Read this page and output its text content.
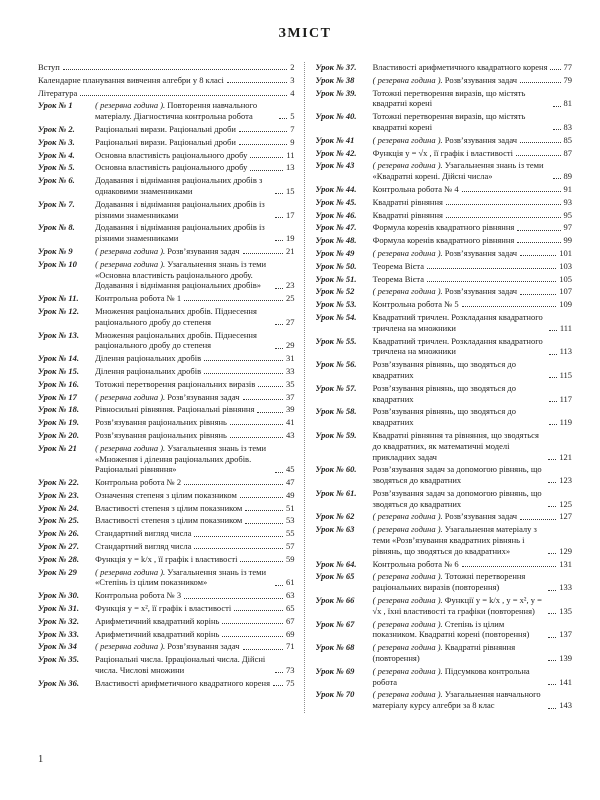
ЗМІСТ
Вступ	2
Календарне планування вивчення алгебри у 8 класі	3
Література	4
Урок № 1	( резервна година ). Повторення навчального матеріалу. Діагностична контрольна робота	5
Урок № 2. Раціональні вирази. Раціональні дроби	7
Урок № 3. Раціональні вирази. Раціональні дроби	9
Урок № 4. Основна властивість раціонального дробу	11
Урок № 5. Основна властивість раціонального дробу	13
Урок № 6. Додавання і віднімання раціональних дробів з однаковими знаменниками	15
Урок № 7. Додавання і віднімання раціональних дробів із різними знаменниками	17
Урок № 8. Додавання і віднімання раціональних дробів із різними знаменниками	19
Урок № 9	( резервна година ). Розв’язування задач	21
Урок № 10 ( резервна година ). Узагальнення знань із теми «Основна властивість раціонального дробу. Додавання і віднімання раціональних дробів»	23
Урок № 11. Контрольна робота № 1	25
Урок № 12. Множення раціональних дробів. Піднесення раціонального дробу до степеня	27
Урок № 13. Множення раціональних дробів. Піднесення раціонального дробу до степеня	29
Урок № 14. Ділення раціональних дробів	31
Урок № 15. Ділення раціональних дробів	33
Урок № 16. Тотожні перетворення раціональних виразів	35
Урок № 17 ( резервна година ). Розв’язування задач	37
Урок № 18. Рівносильні рівняння. Раціональні рівняння	39
Урок № 19. Розв’язування раціональних рівнянь	41
Урок № 20. Розв’язування раціональних рівнянь	43
Урок № 21 ( резервна година ). Узагальнення знань із теми «Множення і ділення раціональних дробів. Раціональні рівняння»	45
Урок № 22. Контрольна робота № 2	47
Урок № 23. Означення степеня з цілим показником	49
Урок № 24. Властивості степеня з цілим показником	51
Урок № 25. Властивості степеня з цілим показником	53
Урок № 26. Стандартний вигляд числа	55
Урок № 27. Стандартний вигляд числа	57
Урок № 28. Функція y = k/x , її графік і властивості	59
Урок № 29 ( резервна година ). Узагальнення знань із теми «Степінь із цілим показником»	61
Урок № 30. Контрольна робота № 3	63
Урок № 31. Функція y = x², її графік і властивості	65
Урок № 32. Арифметичний квадратний корінь	67
Урок № 33. Арифметичний квадратний корінь	69
Урок № 34 ( резервна година ). Розв’язування задач	71
Урок № 35. Раціональні числа. Ірраціональні числа. Дійсні числа. Числові множини	73
Урок № 36. Властивості арифметичного квадратного кореня 75
Урок № 37. Властивості арифметичного квадратного кореня 77
Урок № 38 ( резервна година ). Розв’язування задач	79
Урок № 39. Тотожні перетворення виразів, що містять квадратні корені	81
Урок № 40. Тотожні перетворення виразів, що містять квадратні корені	83
Урок № 41 ( резервна година ). Розв’язування задач	85
Урок № 42. Функція y = √x , її графік і властивості	87
Урок № 43 ( резервна година ). Узагальнення знань із теми «Квадратні корені. Дійсні числа»	89
Урок № 44. Контрольна робота № 4	91
Урок № 45. Квадратні рівняння	93
Урок № 46. Квадратні рівняння	95
Урок № 47. Формула коренів квадратного рівняння	97
Урок № 48. Формула коренів квадратного рівняння	99
Урок № 49 ( резервна година ). Розв’язування задач	101
Урок № 50. Теорема Вієта	103
Урок № 51. Теорема Вієта	105
Урок № 52 ( резервна година ). Розв’язування задач	107
Урок № 53. Контрольна робота № 5	109
Урок № 54. Квадратний тричлен. Розкладання квадратного тричлена на множники	111
Урок № 55. Квадратний тричлен. Розкладання квадратного тричлена на множники	113
Урок № 56. Розв’язування рівнянь, що зводяться до квадратних	115
Урок № 57. Розв’язування рівнянь, що зводяться до квадратних	117
Урок № 58. Розв’язування рівнянь, що зводяться до квадратних	119
Урок № 59. Квадратні рівняння та рівняння, що зводяться до квадратних, як математичні моделі прикладних задач	121
Урок № 60. Розв’язування задач за допомогою рівнянь, що зводяться до квадратних	123
Урок № 61. Розв’язування задач за допомогою рівнянь, що зводяться до квадратних	125
Урок № 62 ( резервна година ). Розв’язування задач	127
Урок № 63 ( резервна година ). Узагальнення матеріалу з теми «Розв’язування квадратних рівнянь і рівнянь, що зводяться до квадратних»	129
Урок № 64. Контрольна робота № 6	131
Урок № 65 ( резервна година ). Тотожні перетворення раціональних виразів (повторення)	133
Урок № 66 ( резервна година ). Функції y = k/x , y = x², y = √x , їхні властивості та графіки (повторення)	135
Урок № 67 ( резервна година ). Степінь із цілим показником. Квадратні корені (повторення)	137
Урок № 68 ( резервна година ). Квадратні рівняння (повторення)	139
Урок № 69 ( резервна година ). Підсумкова контрольна робота	141
Урок № 70 ( резервна година ). Узагальнення навчального матеріалу курсу алгебри за 8 клас	143
1
